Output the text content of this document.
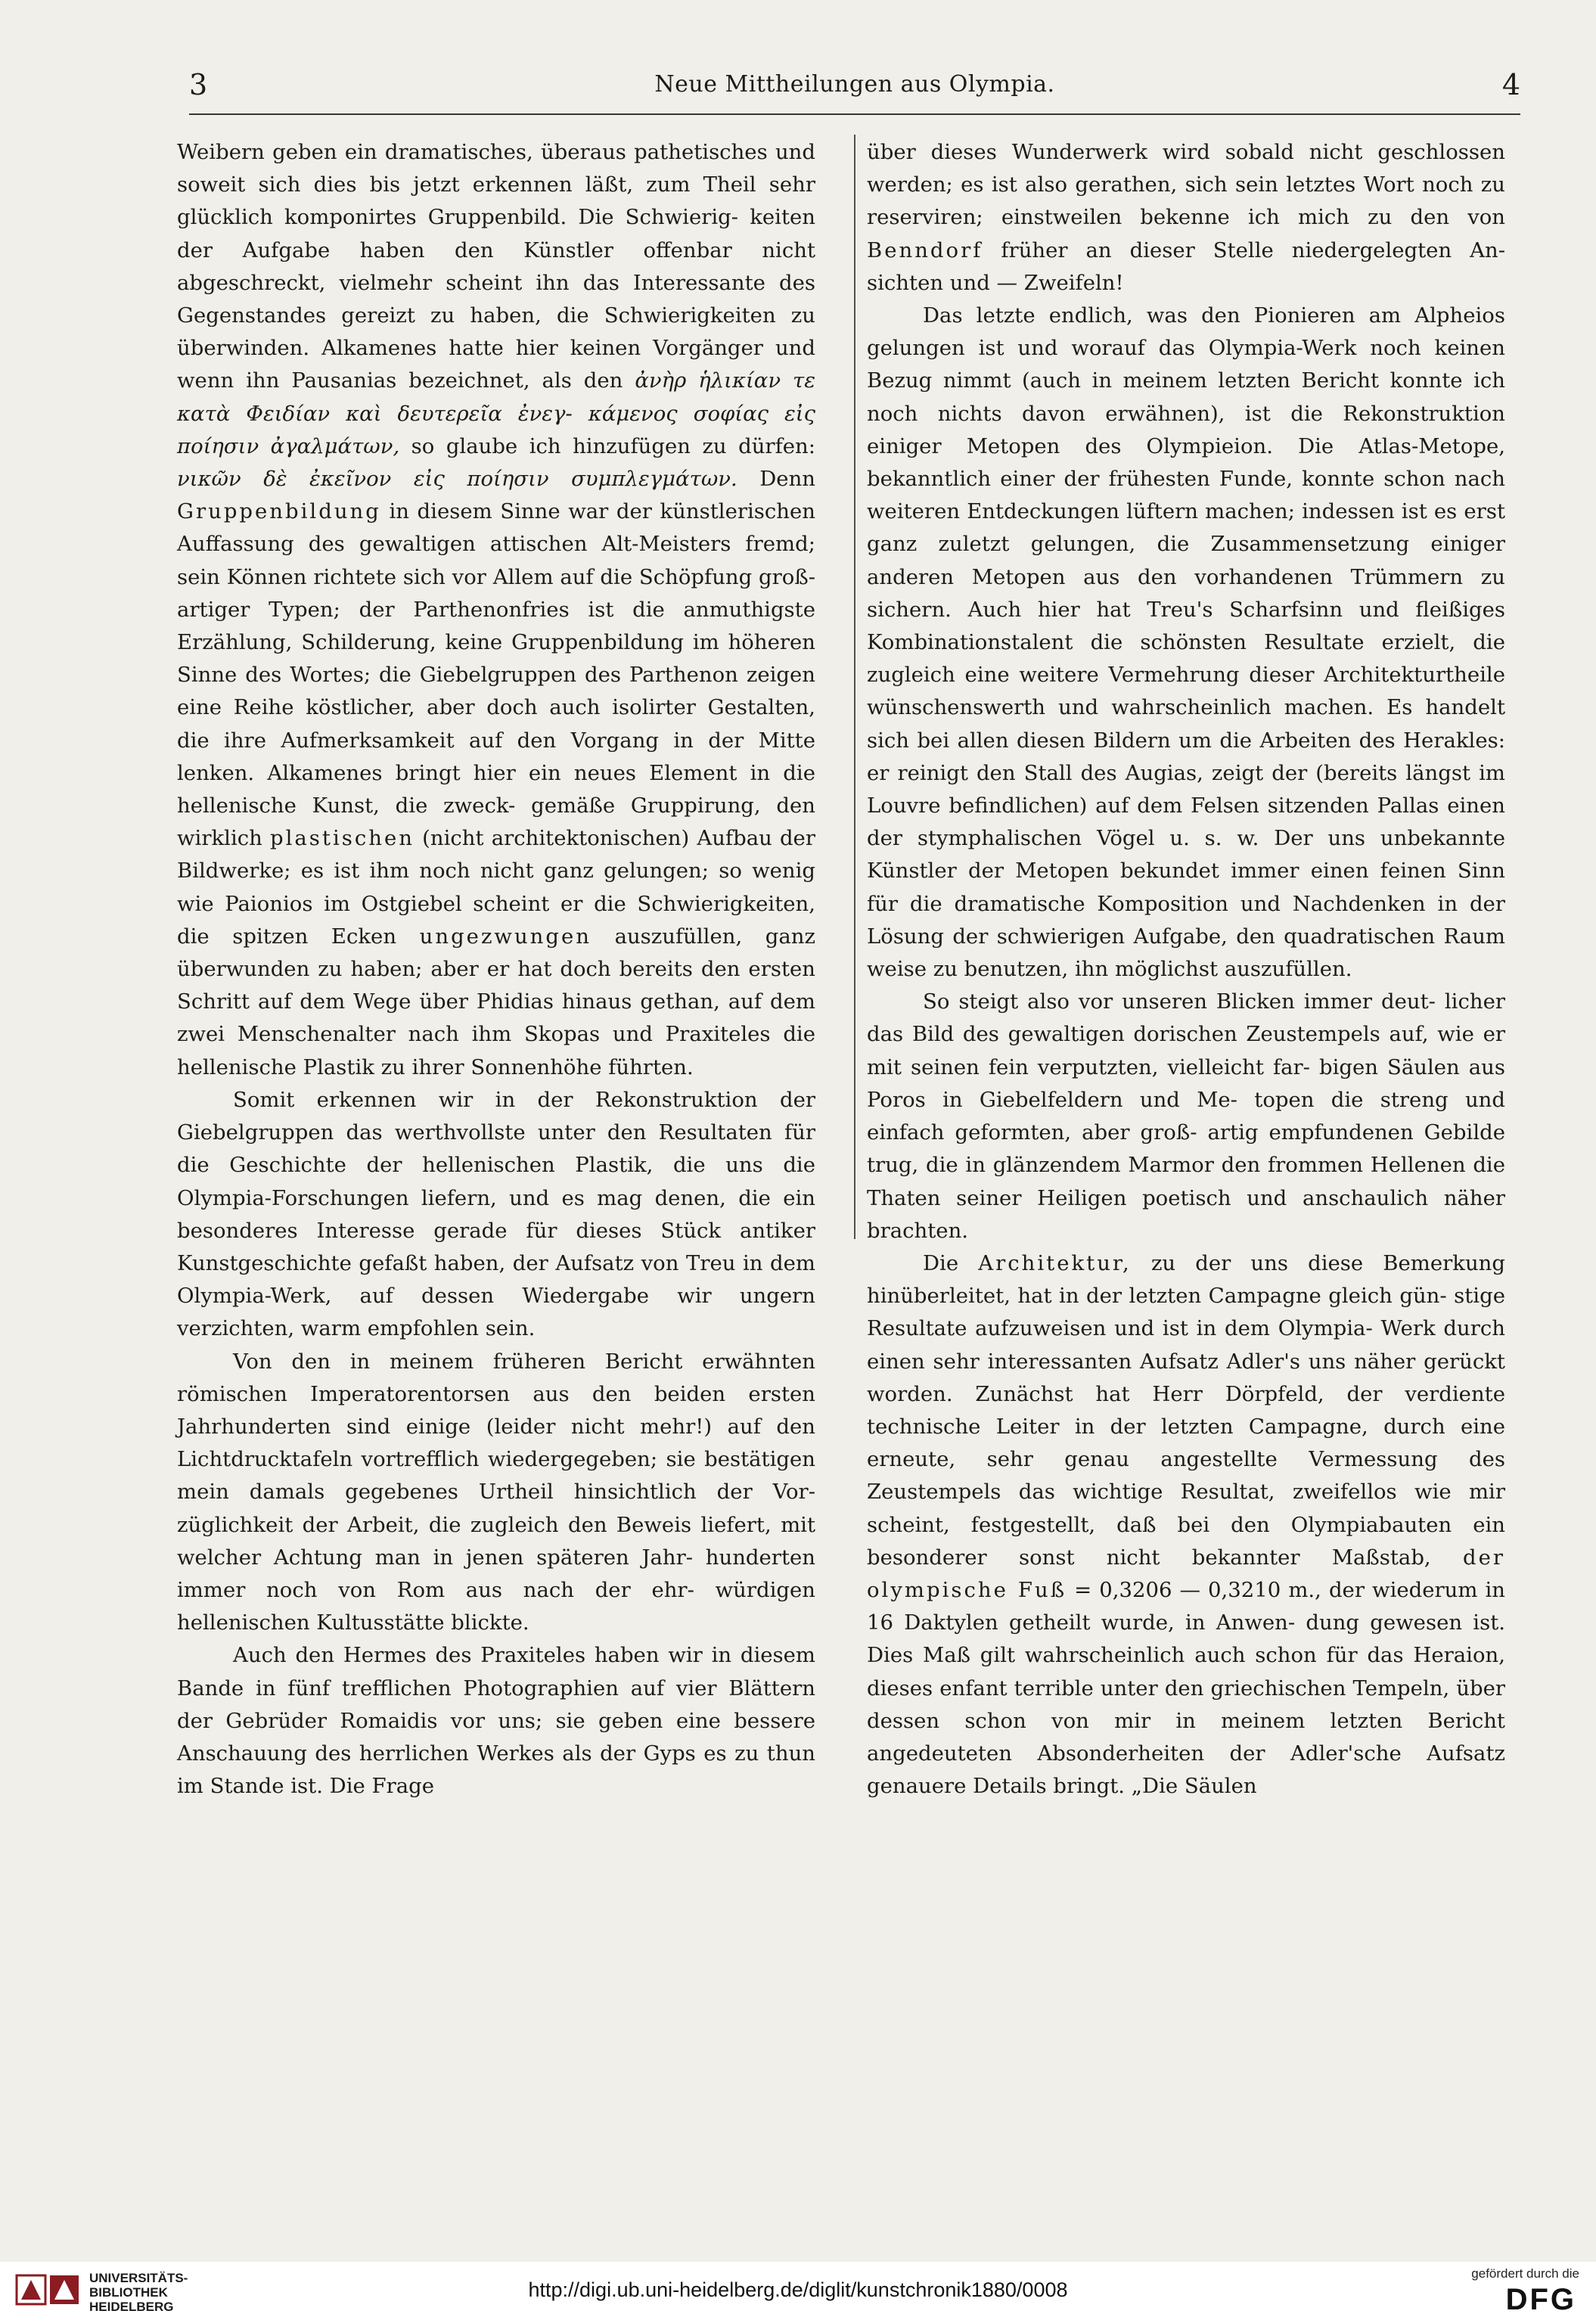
3	Neue Mittheilungen aus Olympia.	4

Weibern geben ein dramatisches, überaus pathetisches und soweit sich dies bis jetzt erkennen läßt, zum Theil sehr glücklich komponirtes Gruppenbild. Die Schwierig- keiten der Aufgabe haben den Künstler offenbar nicht abgeschreckt, vielmehr scheint ihn das Interessante des Gegenstandes gereizt zu haben, die Schwierigkeiten zu überwinden. Alkamenes hatte hier keinen Vorgänger und wenn ihn Pausanias bezeichnet, als den ἀνὴρ ἡλικίαν τε κατὰ Φειδίαν καὶ δευτερεῖα ἐνεγ- κάμενος σοφίας εἰς ποίησιν ἀγαλμάτων, so glaube ich hinzufügen zu dürfen: νικῶν δὲ ἐκεῖνον εἰς ποίησιν συμπλεγμάτων. Denn Gruppenbildung in diesem Sinne war der künstlerischen Auffassung des gewaltigen attischen Alt-Meisters fremd; sein Können richtete sich vor Allem auf die Schöpfung groß- artiger Typen; der Parthenonfries ist die anmuthigste Erzählung, Schilderung, keine Gruppenbildung im höheren Sinne des Wortes; die Giebelgruppen des Parthenon zeigen eine Reihe köstlicher, aber doch auch isolirter Gestalten, die ihre Aufmerksamkeit auf den Vorgang in der Mitte lenken. Alkamenes bringt hier ein neues Element in die hellenische Kunst, die zweck- gemäße Gruppirung, den wirklich plastischen (nicht architektonischen) Aufbau der Bildwerke; es ist ihm noch nicht ganz gelungen; so wenig wie Paionios im Ostgiebel scheint er die Schwierigkeiten, die spitzen Ecken ungezwungen auszufüllen, ganz überwunden zu haben; aber er hat doch bereits den ersten Schritt auf dem Wege über Phidias hinaus gethan, auf dem zwei Menschenalter nach ihm Skopas und Praxiteles die hellenische Plastik zu ihrer Sonnenhöhe führten.

Somit erkennen wir in der Rekonstruktion der Giebelgruppen das werthvollste unter den Resultaten für die Geschichte der hellenischen Plastik, die uns die Olympia-Forschungen liefern, und es mag denen, die ein besonderes Interesse gerade für dieses Stück antiker Kunstgeschichte gefaßt haben, der Aufsatz von Treu in dem Olympia-Werk, auf dessen Wiedergabe wir ungern verzichten, warm empfohlen sein.

Von den in meinem früheren Bericht erwähnten römischen Imperatorentorsen aus den beiden ersten Jahrhunderten sind einige (leider nicht mehr!) auf den Lichtdrucktafeln vortrefflich wiedergegeben; sie bestätigen mein damals gegebenes Urtheil hinsichtlich der Vor- züglichkeit der Arbeit, die zugleich den Beweis liefert, mit welcher Achtung man in jenen späteren Jahr- hunderten immer noch von Rom aus nach der ehr- würdigen hellenischen Kultusstätte blickte.

Auch den Hermes des Praxiteles haben wir in diesem Bande in fünf trefflichen Photographien auf vier Blättern der Gebrüder Romaidis vor uns; sie geben eine bessere Anschauung des herrlichen Werkes als der Gyps es zu thun im Stande ist. Die Frage

über dieses Wunderwerk wird sobald nicht geschlossen werden; es ist also gerathen, sich sein letztes Wort noch zu reserviren; einstweilen bekenne ich mich zu den von Benndorf früher an dieser Stelle niedergelegten An- sichten und — Zweifeln!

Das letzte endlich, was den Pionieren am Alpheios gelungen ist und worauf das Olympia-Werk noch keinen Bezug nimmt (auch in meinem letzten Bericht konnte ich noch nichts davon erwähnen), ist die Rekonstruktion einiger Metopen des Olympieion. Die Atlas-Metope, bekanntlich einer der frühesten Funde, konnte schon nach weiteren Entdeckungen lüftern machen; indessen ist es erst ganz zuletzt gelungen, die Zusammensetzung einiger anderen Metopen aus den vorhandenen Trümmern zu sichern. Auch hier hat Treu's Scharfsinn und fleißiges Kombinationstalent die schönsten Resultate erzielt, die zugleich eine weitere Vermehrung dieser Architekturtheile wünschenswerth und wahrscheinlich machen. Es handelt sich bei allen diesen Bildern um die Arbeiten des Herakles: er reinigt den Stall des Augias, zeigt der (bereits längst im Louvre befindlichen) auf dem Felsen sitzenden Pallas einen der stymphalischen Vögel u. s. w. Der uns unbekannte Künstler der Metopen bekundet immer einen feinen Sinn für die dramatische Komposition und Nachdenken in der Lösung der schwierigen Aufgabe, den quadratischen Raum weise zu benutzen, ihn möglichst auszufüllen.

So steigt also vor unseren Blicken immer deut- licher das Bild des gewaltigen dorischen Zeustempels auf, wie er mit seinen fein verputzten, vielleicht far- bigen Säulen aus Poros in Giebelfeldern und Me- topen die streng und einfach geformten, aber groß- artig empfundenen Gebilde trug, die in glänzendem Marmor den frommen Hellenen die Thaten seiner Heiligen poetisch und anschaulich näher brachten.

Die Architektur, zu der uns diese Bemerkung hinüberleitet, hat in der letzten Campagne gleich gün- stige Resultate aufzuweisen und ist in dem Olympia- Werk durch einen sehr interessanten Aufsatz Adler's uns näher gerückt worden. Zunächst hat Herr Dörpfeld, der verdiente technische Leiter in der letzten Campagne, durch eine erneute, sehr genau angestellte Vermessung des Zeustempels das wichtige Resultat, zweifellos wie mir scheint, festgestellt, daß bei den Olympiabauten ein besonderer sonst nicht bekannter Maßstab, der olympische Fuß = 0,3206 — 0,3210 m., der wiederum in 16 Daktylen getheilt wurde, in Anwen- dung gewesen ist. Dies Maß gilt wahrscheinlich auch schon für das Heraion, dieses enfant terrible unter den griechischen Tempeln, über dessen schon von mir in meinem letzten Bericht angedeuteten Absonderheiten der Adler'sche Aufsatz genauere Details bringt. „Die Säulen

UNIVERSITÄTS-
BIBLIOTHEK
HEIDELBERG
http://digi.ub.uni-heidelberg.de/diglit/kunstchronik1880/0008
gefördert durch die
DFG
